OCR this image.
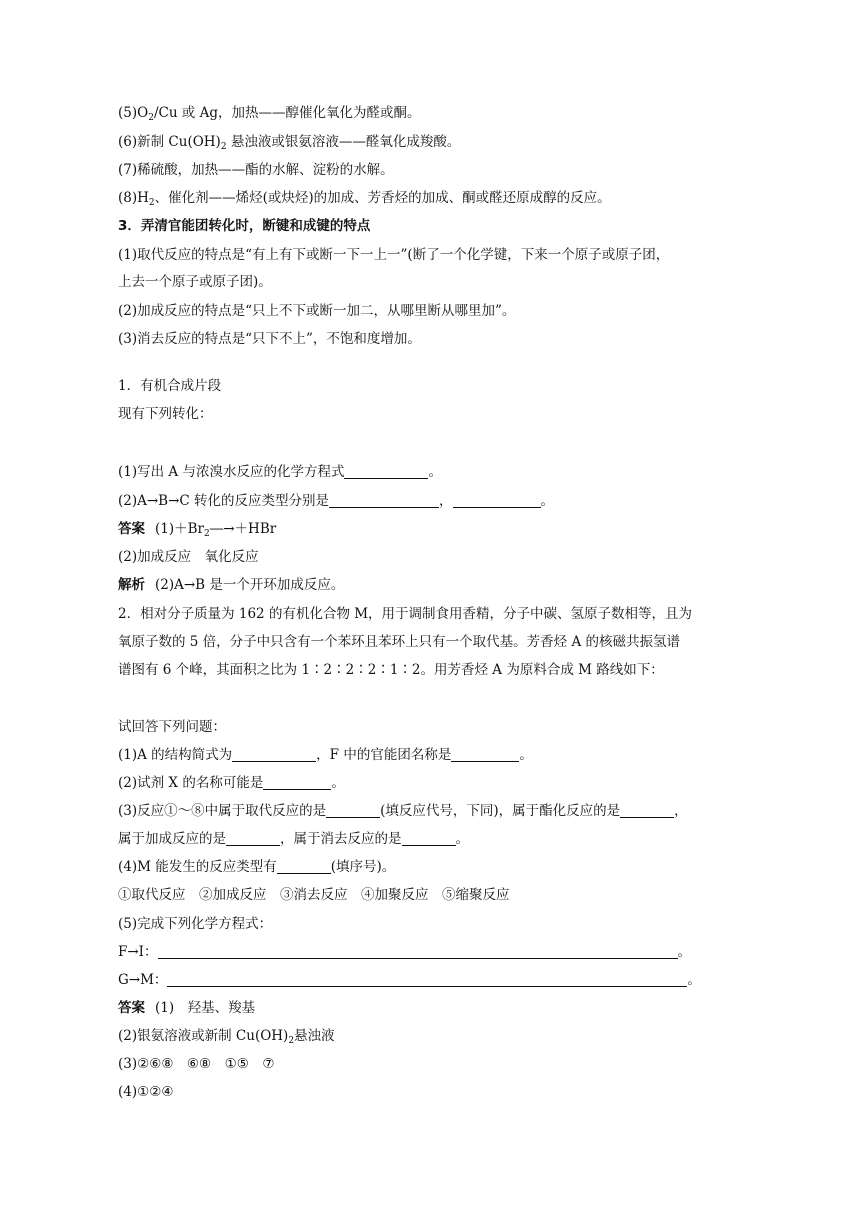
$(5)O_2/Cu$ 或 Ag，加热——醇催化氧化为醛或酮。
(6)新制 $Cu(OH)_2$ 悬浊液或银氨溶液——醛氧化成羧酸。
(7)稀硫酸，加热——酯的水解、淀粉的水解。
$(8)H_2$、催化剂——烯烃(或炔烃)的加成、芳香烃的加成、酮或醛还原成醇的反应。
3．弄清官能团转化时，断键和成键的特点
(1)取代反应的特点是“有上有下或断一下一上一”(断了一个化学键，下来一个原子或原子团，
上去一个原子或原子团)。
(2)加成反应的特点是“只上不下或断一加二，从哪里断从哪里加”。
(3)消去反应的特点是“只下不上”，不饱和度增加。
1．有机合成片段
现有下列转化：
(1)写出 A 与浓溴水反应的化学方程式	。
(2)A→B→C 转化的反应类型分别是	，	。
答案 $(1)+Br_2―\to+HBr$
(2)加成反应　氧化反应
解析 (2)A→B 是一个开环加成反应。
2．相对分子质量为 162 的有机化合物 M，用于调制食用香精，分子中碳、氢原子数相等，且为
氧原子数的 5 倍，分子中只含有一个苯环且苯环上只有一个取代基。芳香烃 A 的核磁共振氢谱
谱图有 6 个峰，其面积之比为 1∶2∶2∶2∶1∶2。用芳香烃 A 为原料合成 M 路线如下：
试回答下列问题：
(1)A 的结构简式为	，F 中的官能团名称是	。
(2)试剂 X 的名称可能是	。
(3)反应①～⑧中属于取代反应的是	(填反应代号，下同)，属于酯化反应的是	，
属于加成反应的是	，属于消去反应的是	。
(4)M 能发生的反应类型有	(填序号)。
①取代反应　②加成反应　③消去反应　④加聚反应　⑤缩聚反应
(5)完成下列化学方程式：
F→I：	。
G→M：	。
答案 (1)　羟基、羧基
(2)银氨溶液或新制 $Cu(OH)_2$悬浊液
(3)②⑥⑧　⑥⑧　①⑤　⑦
(4)①②④
